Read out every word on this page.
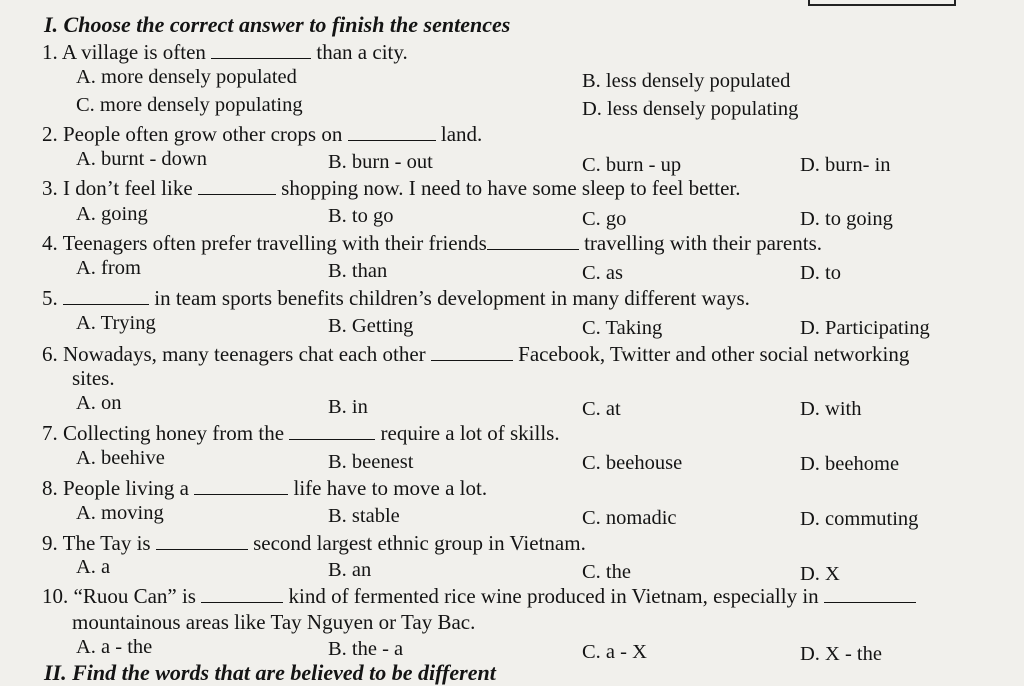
I. Choose the correct answer to finish the sentences
1. A village is often	than a city.
A. more densely populated	B. less densely populated
C. more densely populating	D. less densely populating
2. People often grow other crops on	land.
A. burnt - down	B. burn - out	C. burn - up	D. burn- in
3. I don’t feel like	shopping now. I need to have some sleep to feel better.
A. going	B. to go	C. go	D. to going
4. Teenagers often prefer travelling with their friends	travelling with their parents.
A. from	B. than	C. as	D. to
5.	in team sports benefits children’s development in many different ways.
A. Trying	B. Getting	C. Taking	D. Participating
6. Nowadays, many teenagers chat each other	Facebook, Twitter and other social networking
sites.
A. on	B. in	C. at	D. with
7. Collecting honey from the	require a lot of skills.
A. beehive	B. beenest	C. beehouse	D. beehome
8. People living a	life have to move a lot.
A. moving	B. stable	C. nomadic	D. commuting
9. The Tay is	second largest ethnic group in Vietnam.
A. a	B. an	C. the	D. X
10. “Ruou Can” is	kind of fermented rice wine produced in Vietnam, especially in
mountainous areas like Tay Nguyen or Tay Bac.
A. a - the	B. the - a	C. a - X	D. X - the
II. Find the words that are believed to be different
